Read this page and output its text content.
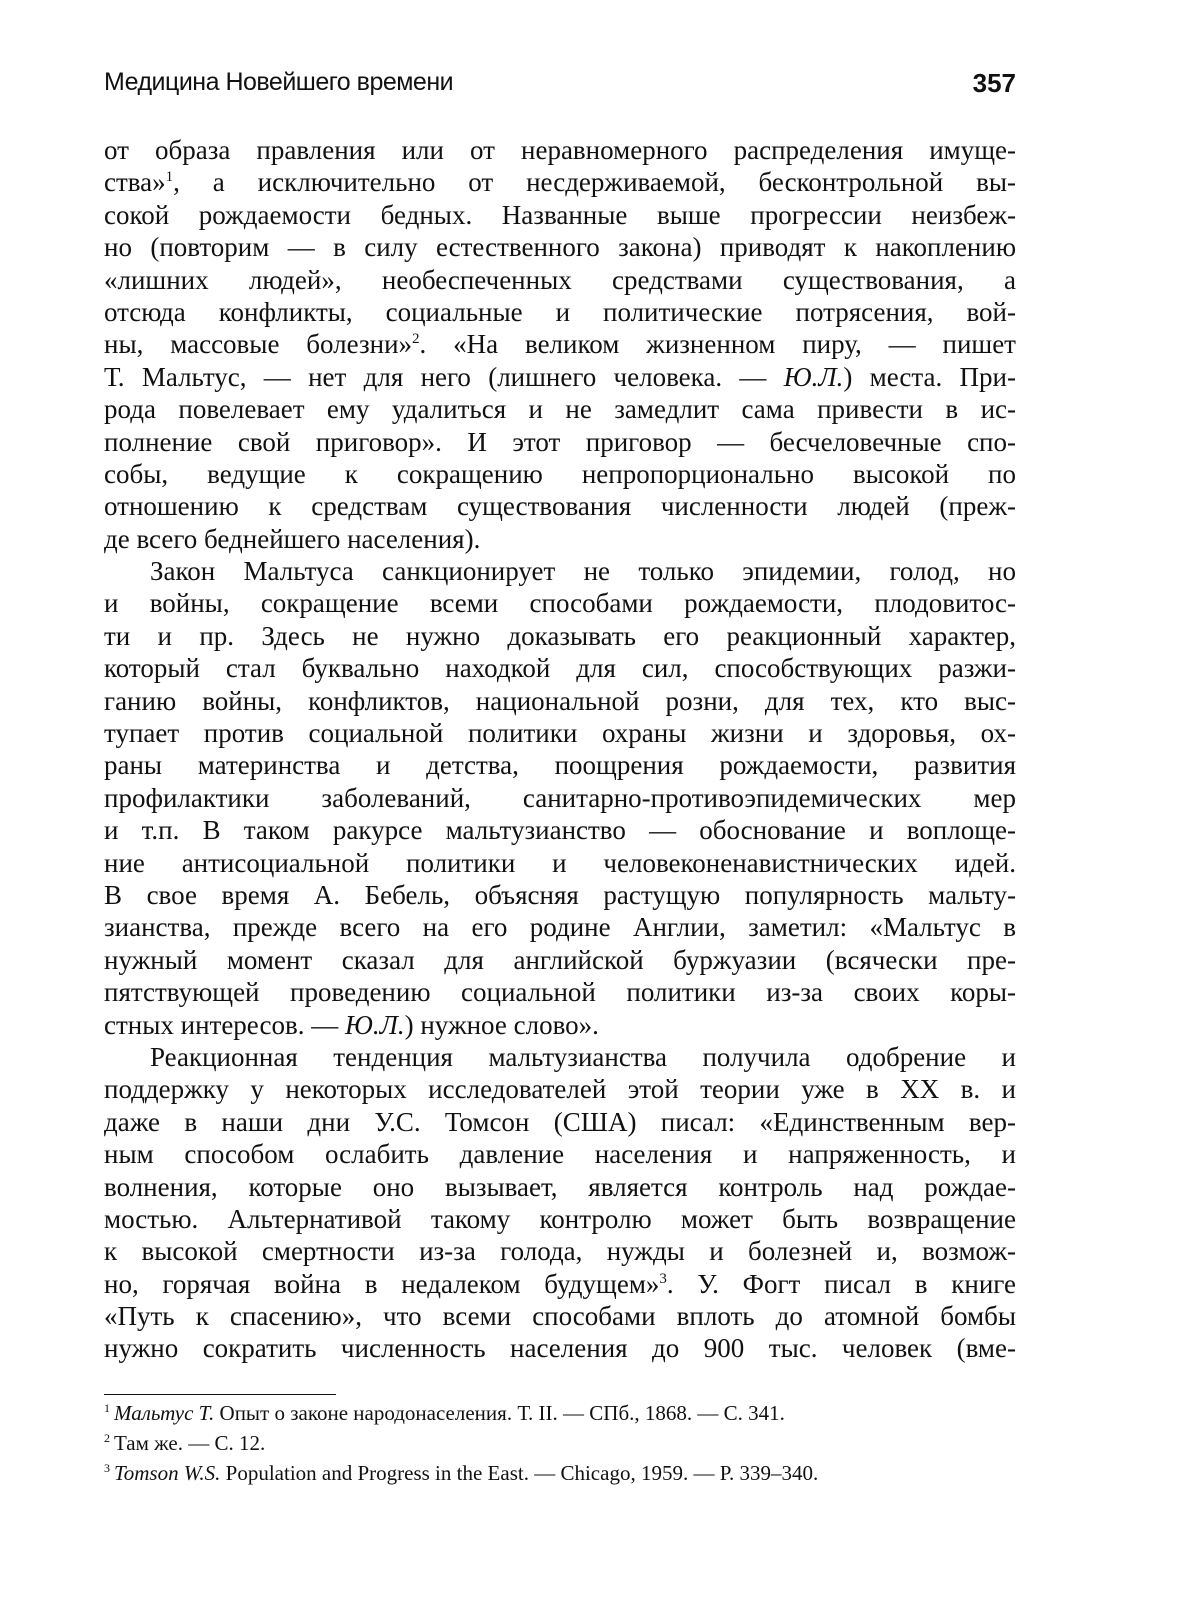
Медицина Новейшего времени	357
от образа правления или от неравномерного распределения имуще-
ства»$^1$, а исключительно от несдерживаемой, бесконтрольной вы-
сокой рождаемости бедных. Названные выше прогрессии неизбеж-
но (повторим — в силу естественного закона) приводят к накоплению
«лишних людей», необеспеченных средствами существования, а
отсюда конфликты, социальные и политические потрясения, вой-
ны, массовые болезни»$^2$. «На великом жизненном пиру, — пишет
Т. Мальтус, — нет для него (лишнего человека. — Ю.Л.) места. При-
рода повелевает ему удалиться и не замедлит сама привести в ис-
полнение свой приговор». И этот приговор — бесчеловечные спо-
собы, ведущие к сокращению непропорционально высокой по
отношению к средствам существования численности людей (преж-
де всего беднейшего населения).
Закон Мальтуса санкционирует не только эпидемии, голод, но
и войны, сокращение всеми способами рождаемости, плодовитос-
ти и пр. Здесь не нужно доказывать его реакционный характер,
который стал буквально находкой для сил, способствующих разжи-
ганию войны, конфликтов, национальной розни, для тех, кто выс-
тупает против социальной политики охраны жизни и здоровья, ох-
раны материнства и детства, поощрения рождаемости, развития
профилактики заболеваний, санитарно-противоэпидемических мер
и т.п. В таком ракурсе мальтузианство — обоснование и воплоще-
ние антисоциальной политики и человеконенавистнических идей.
В свое время А. Бебель, объясняя растущую популярность мальту-
зианства, прежде всего на его родине Англии, заметил: «Мальтус в
нужный момент сказал для английской буржуазии (всячески пре-
пятствующей проведению социальной политики из-за своих коры-
стных интересов. — Ю.Л.) нужное слово».
Реакционная тенденция мальтузианства получила одобрение и
поддержку у некоторых исследователей этой теории уже в XX в. и
даже в наши дни У.С. Томсон (США) писал: «Единственным вер-
ным способом ослабить давление населения и напряженность, и
волнения, которые оно вызывает, является контроль над рождае-
мостью. Альтернативой такому контролю может быть возвращение
к высокой смертности из-за голода, нужды и болезней и, возмож-
но, горячая война в недалеком будущем»$^3$. У. Фогт писал в книге
«Путь к спасению», что всеми способами вплоть до атомной бомбы
нужно сократить численность населения до 900 тыс. человек (вме-
$^1$ Мальтус Т. Опыт о законе народонаселения. Т. II. — СПб., 1868. — С. 341.
$^2$ Там же. — С. 12.
$^3$ Tomson W.S. Population and Progress in the East. — Chicago, 1959. — P. 339–340.
